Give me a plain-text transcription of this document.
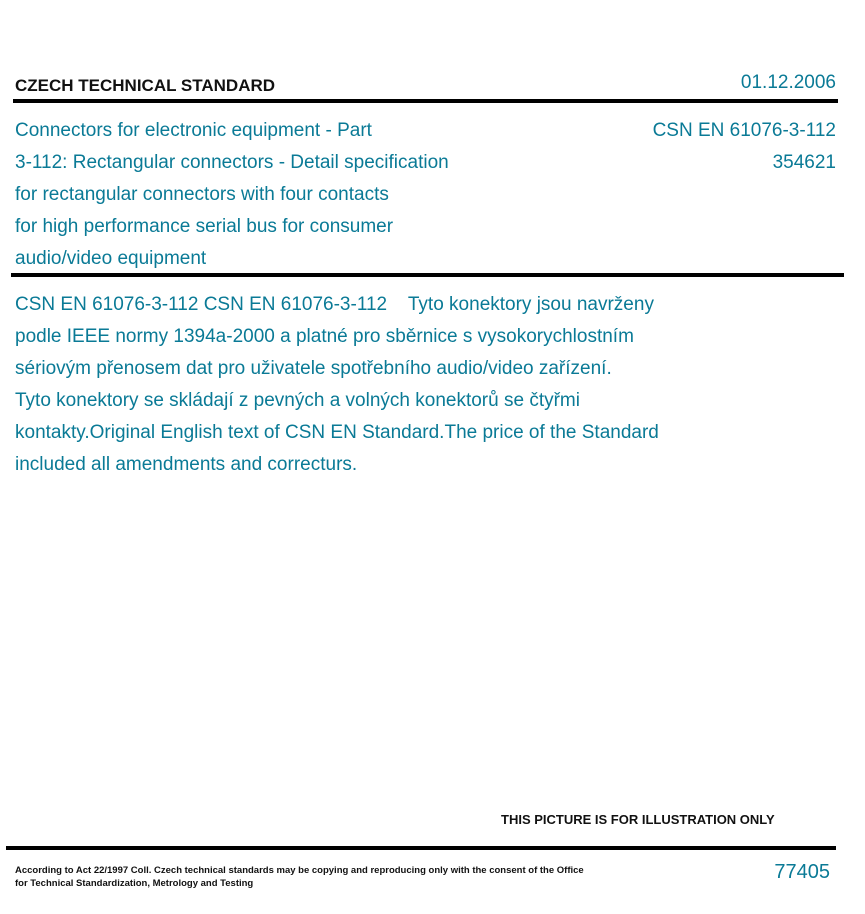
CZECH TECHNICAL STANDARD	01.12.2006
Connectors for electronic equipment - Part
3-112: Rectangular connectors - Detail specification
for rectangular connectors with four contacts
for high performance serial bus for consumer
audio/video equipment
CSN EN 61076-3-112
354621
CSN EN 61076-3-112 CSN EN 61076-3-112    Tyto konektory jsou navrženy
podle IEEE normy 1394a-2000 a platné pro sběrnice s vysokorychlostním
sériovým přenosem dat pro uživatele spotřebního audio/video zařízení.
Tyto konektory se skládají z pevných a volných konektorů se čtyřmi
kontakty.Original English text of CSN EN Standard.The price of the Standard
included all amendments and correcturs.
THIS PICTURE IS FOR ILLUSTRATION ONLY
According to Act 22/1997 Coll. Czech technical standards may be copying and reproducing only with the consent of the Office
for Technical Standardization, Metrology and Testing
77405
